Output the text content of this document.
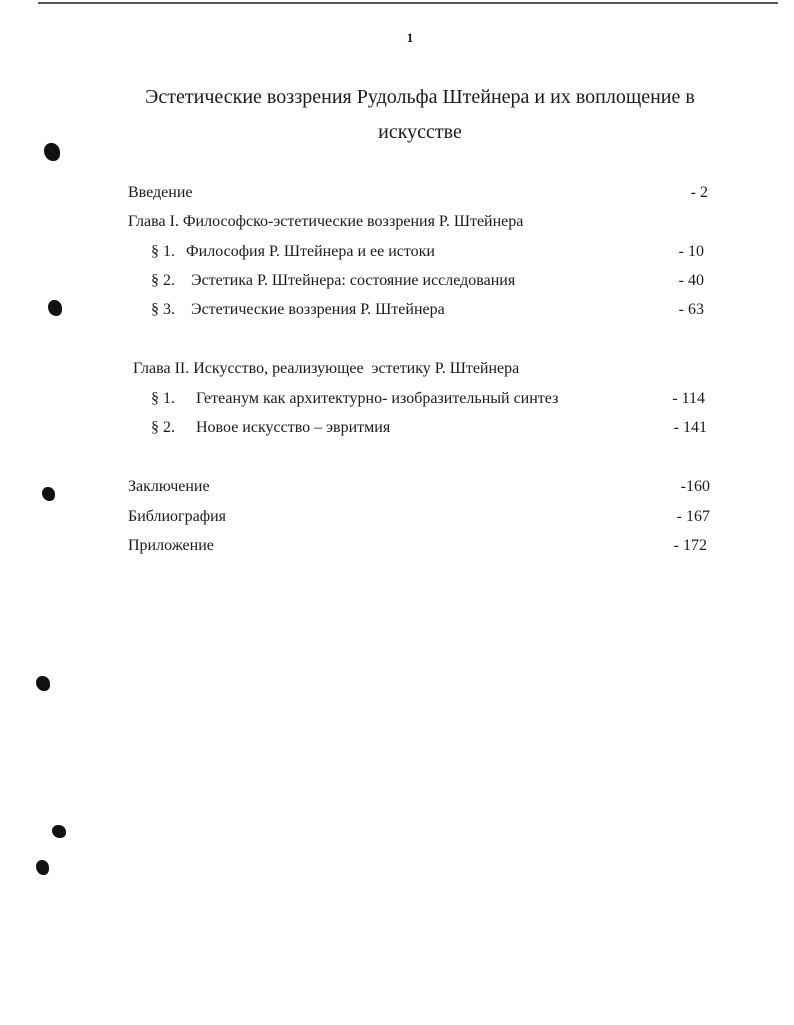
1
Эстетические воззрения Рудольфа Штейнера и их воплощение в искусстве
Введение	- 2
Глава I. Философско-эстетические воззрения Р. Штейнера
§ 1. Философия Р. Штейнера и ее истоки	- 10
§ 2. Эстетика Р. Штейнера: состояние исследования	- 40
§ 3. Эстетические воззрения Р. Штейнера	- 63
Глава II. Искусство, реализующее  эстетику Р. Штейнера
§ 1. Гетеанум как архитектурно- изобразительный синтез	- 114
§ 2. Новое искусство – эвритмия	- 141
Заключение	-160
Библиография	- 167
Приложение	- 172
